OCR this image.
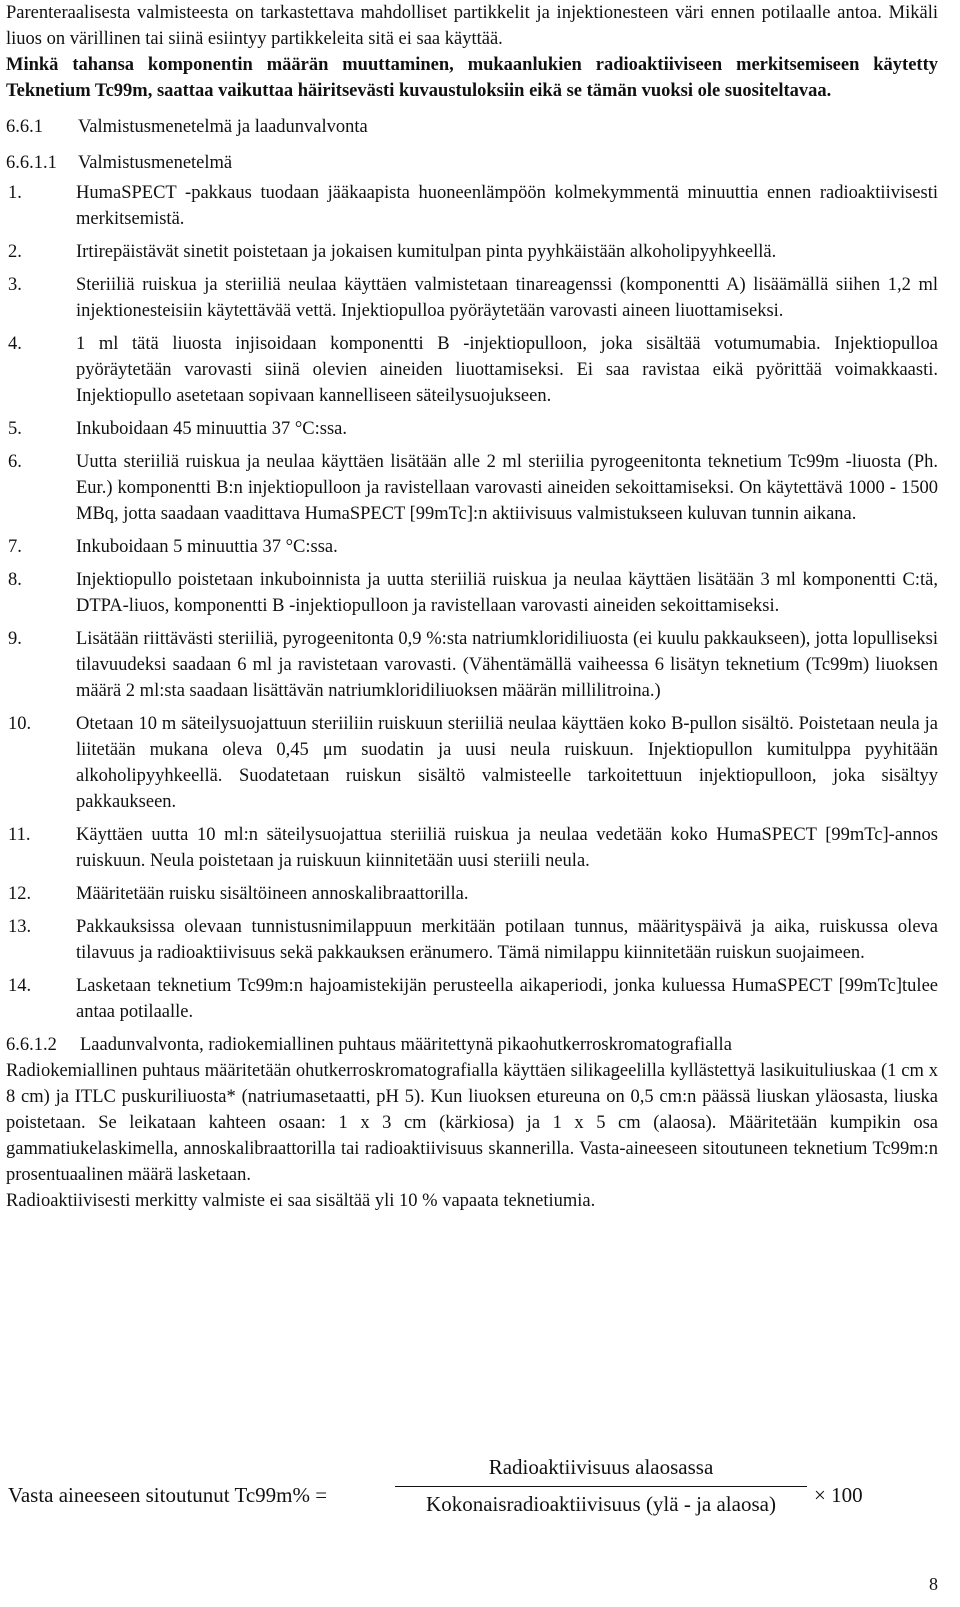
Parenteraalisesta valmisteesta on tarkastettava mahdolliset partikkelit ja injektionesteen väri ennen potilaalle antoa. Mikäli liuos on värillinen tai siinä esiintyy partikkeleita sitä ei saa käyttää.

Minkä tahansa komponentin määrän muuttaminen, mukaanlukien radioaktiiviseen merkitsemiseen käytetty Teknetium Tc99m, saattaa vaikuttaa häiritsevästi kuvaustuloksiin eikä se tämän vuoksi ole suositeltavaa.

6.6.1 Valmistusmenetelmä ja laadunvalvonta
6.6.1.1 Valmistusmenetelmä
1.	HumaSPECT -pakkaus tuodaan jääkaapista huoneenlämpöön kolmekymmentä minuuttia ennen radioaktiivisesti merkitsemistä.
2.	Irtirepäistävät sinetit poistetaan ja jokaisen kumitulpan pinta pyyhkäistään alkoholipyyhkeellä.
3.	Steriiliä ruiskua ja steriiliä neulaa käyttäen valmistetaan tinareagenssi (komponentti A) lisäämällä siihen 1,2 ml injektionesteisiin käytettävää vettä. Injektiopulloa pyöräytetään varovasti aineen liuottamiseksi.
4.	1 ml tätä liuosta injisoidaan komponentti B -injektiopulloon, joka sisältää votumumabia. Injektiopulloa pyöräytetään varovasti siinä olevien aineiden liuottamiseksi. Ei saa ravistaa eikä pyörittää voimakkaasti. Injektiopullo asetetaan sopivaan kannelliseen säteilysuojukseen.
5.	Inkuboidaan 45 minuuttia 37 °C:ssa.
6.	Uutta steriiliä ruiskua ja neulaa käyttäen lisätään alle 2 ml steriilia pyrogeenitonta teknetium Tc99m -liuosta (Ph. Eur.) komponentti B:n injektiopulloon ja ravistellaan varovasti aineiden sekoittamiseksi. On käytettävä 1000 - 1500 MBq, jotta saadaan vaadittava HumaSPECT [99mTc]:n aktiivisuus valmistukseen kuluvan tunnin aikana.
7.	Inkuboidaan 5 minuuttia 37 °C:ssa.
8.	Injektiopullo poistetaan inkuboinnista ja uutta steriiliä ruiskua ja neulaa käyttäen lisätään 3 ml komponentti C:tä, DTPA-liuos, komponentti B -injektiopulloon ja ravistellaan varovasti aineiden sekoittamiseksi.
9.	Lisätään riittävästi steriiliä, pyrogeenitonta 0,9 %:sta natriumkloridiliuosta (ei kuulu pakkaukseen), jotta lopulliseksi tilavuudeksi saadaan 6 ml ja ravistetaan varovasti. (Vähentämällä vaiheessa 6 lisätyn teknetium (Tc99m) liuoksen määrä 2 ml:sta saadaan lisättävän natriumkloridiliuoksen määrän millilitroina.)
10. Otetaan 10 m säteilysuojattuun steriiliin ruiskuun steriiliä neulaa käyttäen koko B-pullon sisältö. Poistetaan neula ja liitetään mukana oleva 0,45 μm suodatin ja uusi neula ruiskuun. Injektiopullon kumitulppa pyyhitään alkoholipyyhkeellä. Suodatetaan ruiskun sisältö valmisteelle tarkoitettuun injektiopulloon, joka sisältyy pakkaukseen.
11. Käyttäen uutta 10 ml:n säteilysuojattua steriiliä ruiskua ja neulaa vedetään koko HumaSPECT [99mTc]-annos ruiskuun. Neula poistetaan ja ruiskuun kiinnitetään uusi steriili neula.
12. Määritetään ruisku sisältöineen annoskalibraattorilla.
13. Pakkauksissa olevaan tunnistusnimilappuun merkitään potilaan tunnus, määrityspäivä ja aika, ruiskussa oleva tilavuus ja radioaktiivisuus sekä pakkauksen eränumero. Tämä nimilappu kiinnitetään ruiskun suojaimeen.
14. Lasketaan teknetium Tc99m:n hajoamistekijän perusteella aikaperiodi, jonka kuluessa HumaSPECT [99mTc]tulee antaa potilaalle.
6.6.1.2 Laadunvalvonta, radiokemiallinen puhtaus määritettynä pikaohutkerroskromatografialla

Radiokemiallinen puhtaus määritetään ohutkerroskromatografialla käyttäen silikageelilla kyllästettyä lasikuituliuskaa (1 cm x 8 cm) ja ITLC puskuriliuosta* (natriumasetaatti, pH 5). Kun liuoksen etureuna on 0,5 cm:n päässä liuskan yläosasta, liuska poistetaan. Se leikataan kahteen osaan: 1 x 3 cm (kärkiosa) ja 1 x 5 cm (alaosa). Määritetään kumpikin osa gammatiukelaskimella, annoskalibraattorilla tai radioaktiivisuus skannerilla. Vasta-aineeseen sitoutuneen teknetium Tc99m:n prosentuaalinen määrä lasketaan.

Radioaktiivisesti merkitty valmiste ei saa sisältää yli 10 % vapaata teknetiumia.

Vasta aineeseen sitoutunut Tc99m% =
Radioaktiivisuus alaosassa
Kokonaisradioaktiivisuus (ylä - ja alaosa)	× 100
8
